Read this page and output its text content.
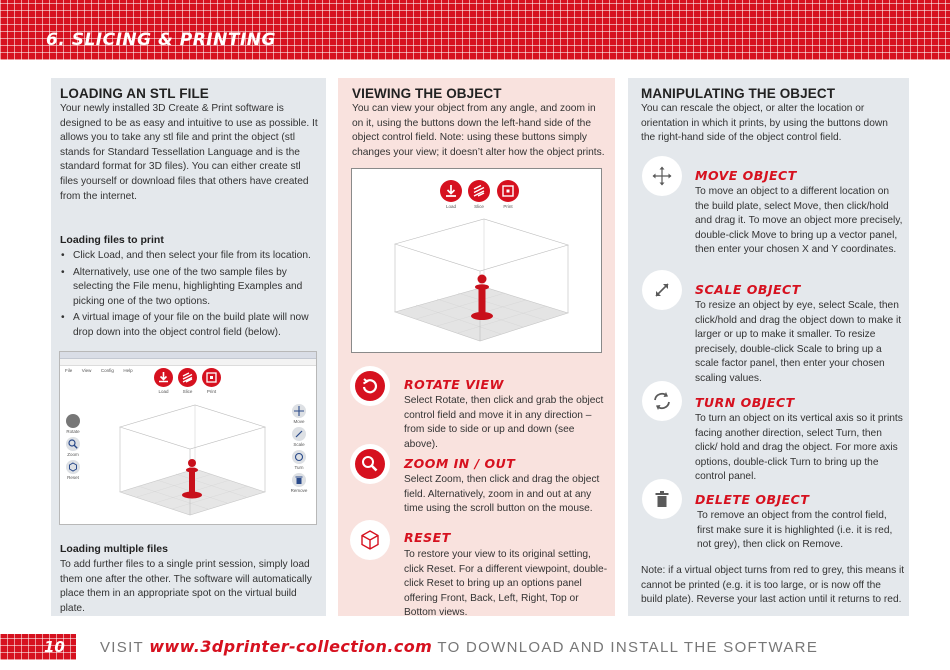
6. SLICING & PRINTING
LOADING AN STL FILE
Your newly installed 3D Create & Print software is designed to be as easy and intuitive to use as possible. It allows you to take any stl file and print the object (stl stands for Standard Tessellation Language and is the standard format for 3D files). You can either create stl files yourself or download files that others have created from the internet.
Loading files to print
• Click Load, and then select your file from its location.
• Alternatively, use one of the two sample files by selecting the File menu, highlighting Examples and picking one of the two options.
• A virtual image of your file on the build plate will now drop down into the object control field (below).
File View Config Help
Load	Slice	Print
Rotate
Zoom
Reset
Move
Scale
Turn
Remove
Loading multiple files
To add further files to a single print session, simply load them one after the other. The software will automatically place them in an appropriate spot on the virtual build plate.
VIEWING THE OBJECT
You can view your object from any angle, and zoom in on it, using the buttons down the left-hand side of the object control field. Note: using these buttons simply changes your view; it doesn’t alter how the object prints.
Load	Slice	Print
ROTATE VIEW
Select Rotate, then click and grab the object control field and move it in any direction – from side to side or up and down (see above).
ZOOM IN / OUT
Select Zoom, then click and drag the object field. Alternatively, zoom in and out at any time using the scroll button on the mouse.
RESET
To restore your view to its original setting, click Reset. For a different viewpoint, double-click Reset to bring up an options panel offering Front, Back, Left, Right, Top or Bottom views.
MANIPULATING THE OBJECT
You can rescale the object, or alter the location or orientation in which it prints, by using the buttons down the right-hand side of the object control field.
MOVE OBJECT
To move an object to a different location on the build plate, select Move, then click/hold and drag it. To move an object more precisely, double-click Move to bring up a vector panel, then enter your chosen X and Y coordinates.
SCALE OBJECT
To resize an object by eye, select Scale, then click/hold and drag the object down to make it larger or up to make it smaller. To resize precisely, double-click Scale to bring up a scale factor panel, then enter your chosen scaling values.
TURN OBJECT
To turn an object on its vertical axis so it prints facing another direction, select Turn, then click/ hold and drag the object. For more axis options, double-click Turn to bring up the control panel.
DELETE OBJECT
To remove an object from the control field, first make sure it is highlighted (i.e. it is red, not grey), then click on Remove.
Note: if a virtual object turns from red to grey, this means it cannot be printed (e.g. it is too large, or is now off the build plate). Reverse your last action until it returns to red.
10 VISIT www.3dprinter-collection.com TO DOWNLOAD AND INSTALL THE SOFTWARE
